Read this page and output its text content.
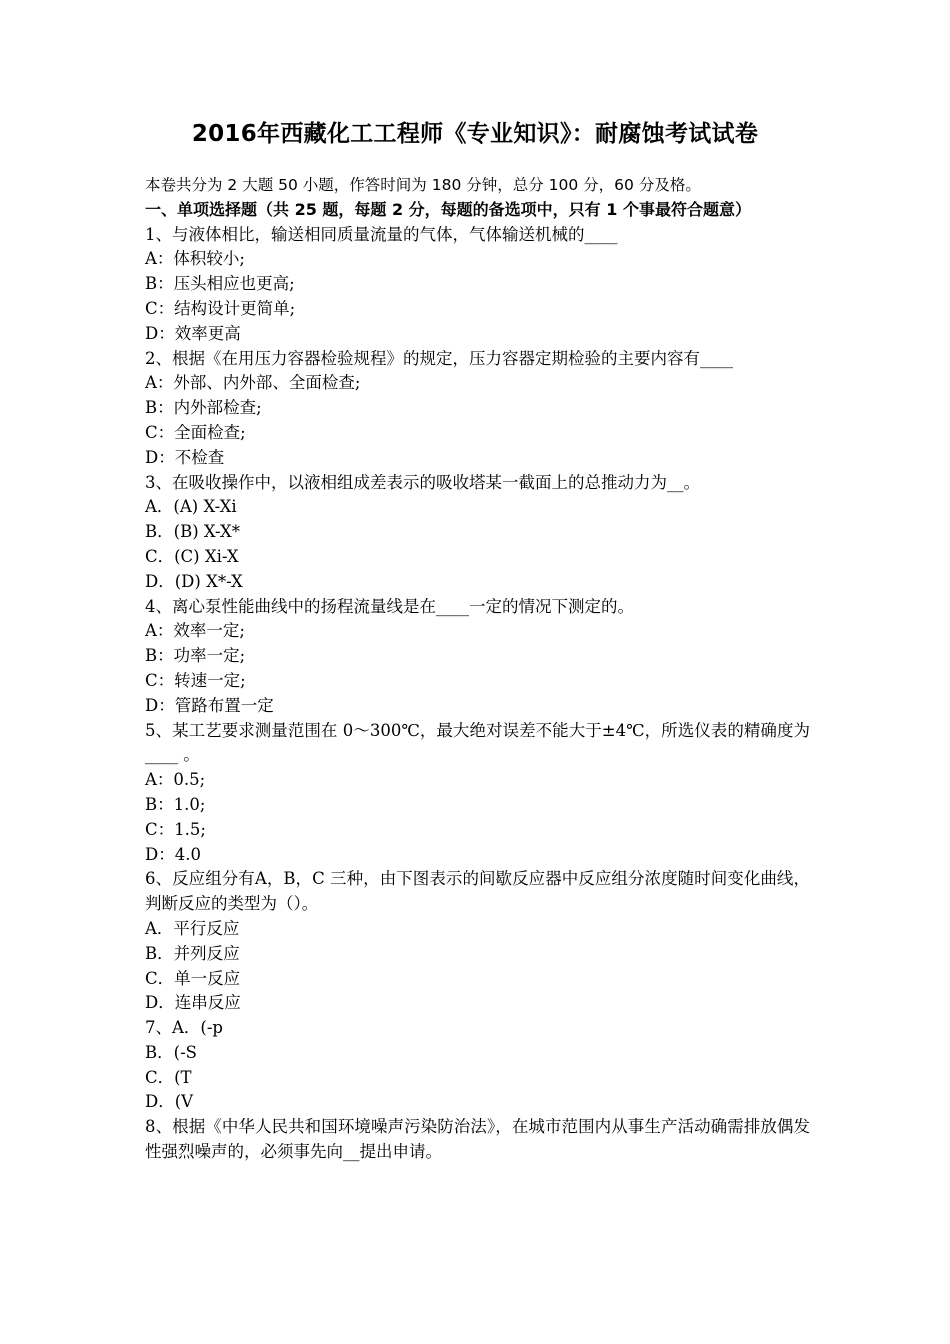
2016年西藏化工工程师《专业知识》：耐腐蚀考试试卷
本卷共分为 2 大题 50 小题，作答时间为 180 分钟，总分 100 分，60 分及格。
一、单项选择题（共 25 题，每题 2 分，每题的备选项中，只有 1 个事最符合题意）
1、与液体相比，输送相同质量流量的气体，气体输送机械的____
A：体积较小;
B：压头相应也更高;
C：结构设计更简单;
D：效率更高
2、根据《在用压力容器检验规程》的规定，压力容器定期检验的主要内容有____
A：外部、内外部、全面检查;
B：内外部检查;
C：全面检查;
D：不检查
3、在吸收操作中，以液相组成差表示的吸收塔某一截面上的总推动力为__。
A．(A) X-Xi
B．(B) X-X*
C．(C) Xi-X
D．(D) X*-X
4、离心泵性能曲线中的扬程流量线是在____一定的情况下测定的。
A：效率一定;
B：功率一定;
C：转速一定;
D：管路布置一定
5、某工艺要求测量范围在 0～300℃，最大绝对误差不能大于±4℃，所选仪表的精确度为____ 。
A：0.5;
B：1.0;
C：1.5;
D：4.0
6、反应组分有A，B，C 三种，由下图表示的间歇反应器中反应组分浓度随时间变化曲线，判断反应的类型为（）。
A．平行反应
B．并列反应
C．单一反应
D．连串反应
7、A．(-p
B．(-S
C．(T
D．(V
8、根据《中华人民共和国环境噪声污染防治法》，在城市范围内从事生产活动确需排放偶发性强烈噪声的，必须事先向__提出申请。
